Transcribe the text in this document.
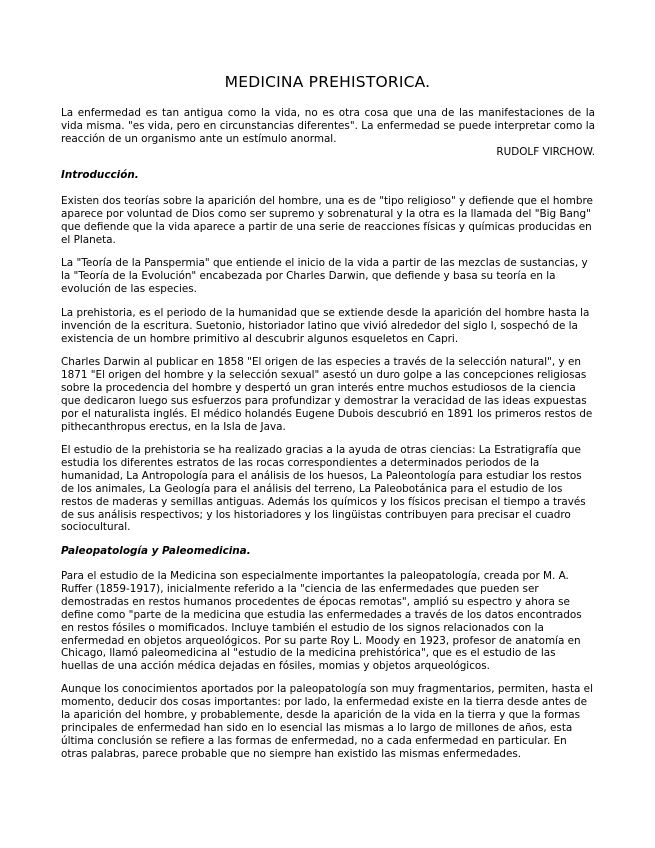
MEDICINA PREHISTORICA.
La enfermedad es tan antigua como la vida, no es otra cosa que una de las manifestaciones de la vida misma. "es vida, pero en circunstancias diferentes". La enfermedad se puede interpretar como la reacción de un organismo ante un estímulo anormal.
RUDOLF VIRCHOW.
Introducción.
Existen dos teorías sobre la aparición del hombre, una es de "tipo religioso" y defiende que el hombre aparece por voluntad de Dios como ser supremo y sobrenatural y la otra es la llamada del "Big Bang" que defiende que la vida aparece a partir de una serie de reacciones físicas y químicas producidas en el Planeta.
La "Teoría de la Panspermia" que entiende el inicio de la vida a partir de las mezclas de sustancias, y la "Teoría de la Evolución" encabezada por Charles Darwin, que defiende y basa su teoría en la evolución de las especies.
La prehistoria, es el periodo de la humanidad que se extiende desde la aparición del hombre hasta la invención de la escritura. Suetonio, historiador latino que vivió alrededor del siglo I, sospechó de la existencia de un hombre primitivo al descubrir algunos esqueletos en Capri.
Charles Darwin al publicar en 1858 "El origen de las especies a través de la selección natural", y en 1871 "El origen del hombre y la selección sexual" asestó un duro golpe a las concepciones religiosas sobre la procedencia del hombre y despertó un gran interés entre muchos estudiosos de la ciencia que dedicaron luego sus esfuerzos para profundizar y demostrar la veracidad de las ideas expuestas por el naturalista inglés. El médico holandés Eugene Dubois descubrió en 1891 los primeros restos de pithecanthropus erectus, en la Isla de Java.
El estudio de la prehistoria se ha realizado gracias a la ayuda de otras ciencias: La Estratigrafía que estudia los diferentes estratos de las rocas correspondientes a determinados periodos de la humanidad, La Antropología para el análisis de los huesos, La Paleontología para estudiar los restos de los animales, La Geología para el análisis del terreno, La Paleobotánica para el estudio de los restos de maderas y semillas antiguas. Además los químicos y los físicos precisan el tiempo a través de sus análisis respectivos; y los historiadores y los lingüistas contribuyen para precisar el cuadro sociocultural.
Paleopatología y Paleomedicina.
Para el estudio de la Medicina son especialmente importantes la paleopatología, creada por M. A. Ruffer (1859-1917), inicialmente referido a la "ciencia de las enfermedades que pueden ser demostradas en restos humanos procedentes de épocas remotas", amplió su espectro y ahora se define como "parte de la medicina que estudia las enfermedades a través de los datos encontrados en restos fósiles o momificados. Incluye también el estudio de los signos relacionados con la enfermedad en objetos arqueológicos. Por su parte Roy L. Moody en 1923, profesor de anatomía en Chicago, llamó paleomedicina al "estudio de la medicina prehistórica", que es el estudio de las huellas de una acción médica dejadas en fósiles, momias y objetos arqueológicos.
Aunque los conocimientos aportados por la paleopatología son muy fragmentarios, permiten, hasta el momento, deducir dos cosas importantes: por lado, la enfermedad existe en la tierra desde antes de la aparición del hombre, y probablemente, desde la aparición de la vida en la tierra y que la formas principales de enfermedad han sido en lo esencial las mismas a lo largo de millones de años, esta última conclusión se refiere a las formas de enfermedad, no a cada enfermedad en particular. En otras palabras, parece probable que no siempre han existido las mismas enfermedades.
